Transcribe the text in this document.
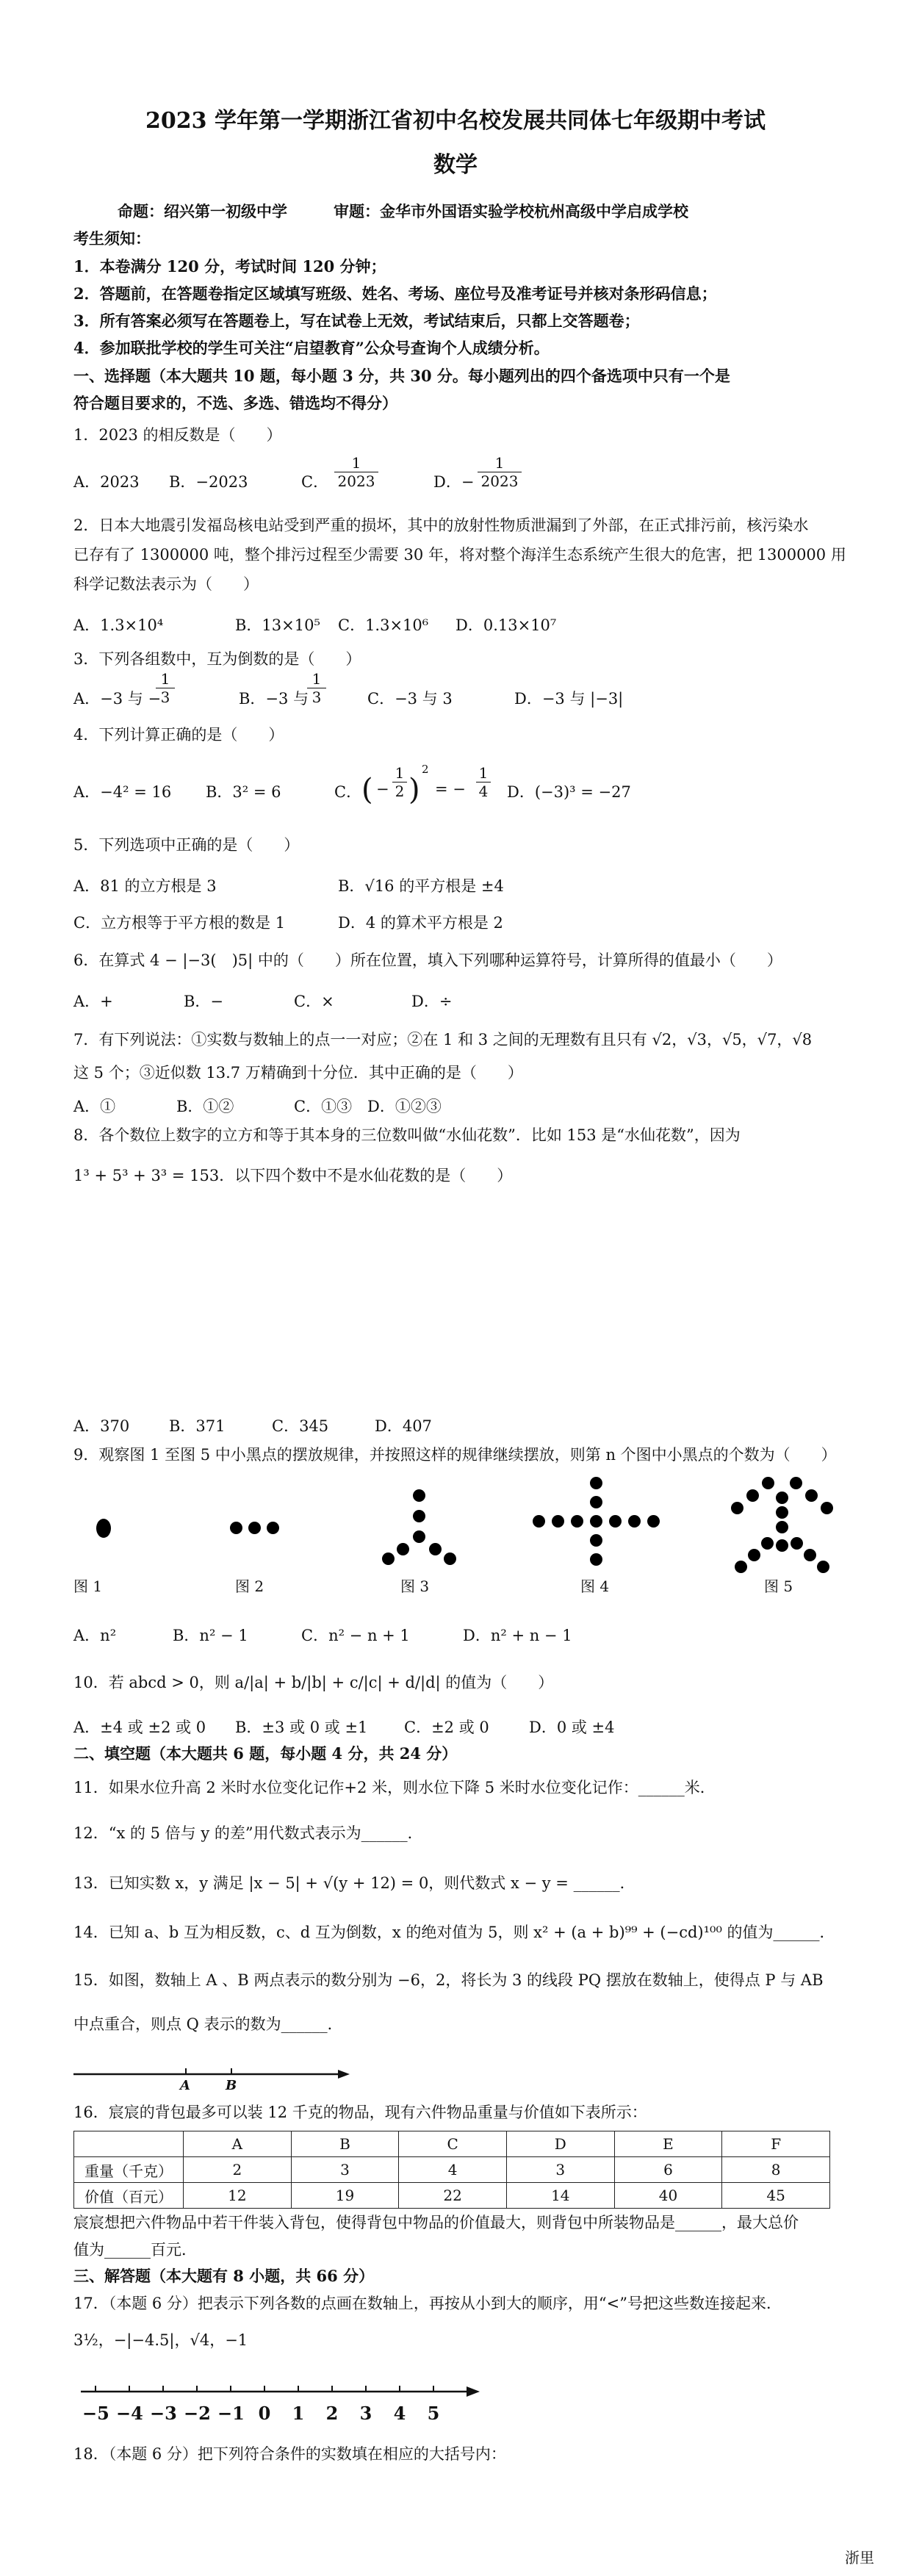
2023 学年第一学期浙江省初中名校发展共同体七年级期中考试
数学
命题：绍兴第一初级中学　　　审题：金华市外国语实验学校杭州高级中学启成学校
考生须知：
1．本卷满分 120 分，考试时间 120 分钟；
2．答题前，在答题卷指定区域填写班级、姓名、考场、座位号及准考证号并核对条形码信息；
3．所有答案必须写在答题卷上，写在试卷上无效，考试结束后，只都上交答题卷；
4．参加联批学校的学生可关注“启望教育”公众号查询个人成绩分析。
一、选择题（本大题共 10 题，每小题 3 分，共 30 分。每小题列出的四个备选项中只有一个是
符合题目要求的，不选、多选、错选均不得分）
1．2023 的相反数是（　　）
A．2023 B．−2023	C． $\frac{1}{2023}$	D．− $\frac{1}{2023}$
2．日本大地震引发福岛核电站受到严重的损坏，其中的放射性物质泄漏到了外部，在正式排污前，核污染水
已存有了 1300000 吨，整个排污过程至少需要 30 年，将对整个海洋生态系统产生很大的危害，把 1300000 用
科学记数法表示为（　　）
A．1.3×10⁴	B．13×10⁵ C．1.3×10⁶ D．0.13×10⁷
3．下列各组数中，互为倒数的是（　　）
A．−3 与 −
$\frac{1}{3}$	B．−3 与
$\frac{1}{3}$	C．−3 与 3	D．−3 与 |−3|
4．下列计算正确的是（　　）
A．−4² = 16 B．3² = 6	C． ( − $\frac{1}{2}$ )
2
= − $\frac{1}{4}$ D．(−3)³ = −27
5．下列选项中正确的是（　　）
A．81 的立方根是 3	B．√16 的平方根是 ±4
C．立方根等于平方根的数是 1	D．4 的算术平方根是 2
6．在算式 4 − |−3(　)5| 中的（　　）所在位置，填入下列哪种运算符号，计算所得的值最小（　　）
A．+	B．−	C．×	D．÷
7．有下列说法：①实数与数轴上的点一一对应；②在 1 和 3 之间的无理数有且只有 √2，√3，√5，√7，√8
这 5 个；③近似数 13.7 万精确到十分位．其中正确的是（　　）
A．①	B．①②	C．①③ D．①②③
8．各个数位上数字的立方和等于其本身的三位数叫做“水仙花数”．比如 153 是“水仙花数”，因为
1³ + 5³ + 3³ = 153．以下四个数中不是水仙花数的是（　　）
A．370	B．371	C．345	D．407
9．观察图 1 至图 5 中小黑点的摆放规律，并按照这样的规律继续摆放，则第 n 个图中小黑点的个数为（　　）
图 1	图 2	图 3	图 4	图 5
A．n²	B．n² − 1	C．n² − n + 1	D．n² + n − 1
10．若 abcd > 0，则 a/|a| + b/|b| + c/|c| + d/|d| 的值为（　　）
A．±4 或 ±2 或 0 B．±3 或 0 或 ±1 C．±2 或 0	D．0 或 ±4
二、填空题（本大题共 6 题，每小题 4 分，共 24 分）
11．如果水位升高 2 米时水位变化记作+2 米，则水位下降 5 米时水位变化记作：______米．
12．“x 的 5 倍与 y 的差”用代数式表示为______．
13．已知实数 x，y 满足 |x − 5| + √(y + 12) = 0，则代数式 x − y = ______．
14．已知 a、b 互为相反数，c、d 互为倒数，x 的绝对值为 5，则 x² + (a + b)⁹⁹ + (−cd)¹⁰⁰ 的值为______．
15．如图，数轴上 A 、B 两点表示的数分别为 −6，2，将长为 3 的线段 PQ 摆放在数轴上，使得点 P 与 AB
中点重合，则点 Q 表示的数为______．
A	B
16．宸宸的背包最多可以装 12 千克的物品，现有六件物品重量与价值如下表所示：
	A	B	C	D	E	F
重量（千克）	2	3	4	3	6	8
价值（百元）	12	19	22	14	40	45
宸宸想把六件物品中若干件装入背包，使得背包中物品的价值最大，则背包中所装物品是______，最大总价
值为______百元．
三、解答题（本大题有 8 小题，共 66 分）
17．（本题 6 分）把表示下列各数的点画在数轴上，再按从小到大的顺序，用“<”号把这些数连接起来．
3½，−|−4.5|，√4，−1
−5 −4 −3 −2 −1 0	1	2	3	4	5
18．（本题 6 分）把下列符合条件的实数填在相应的大括号内：
浙里
